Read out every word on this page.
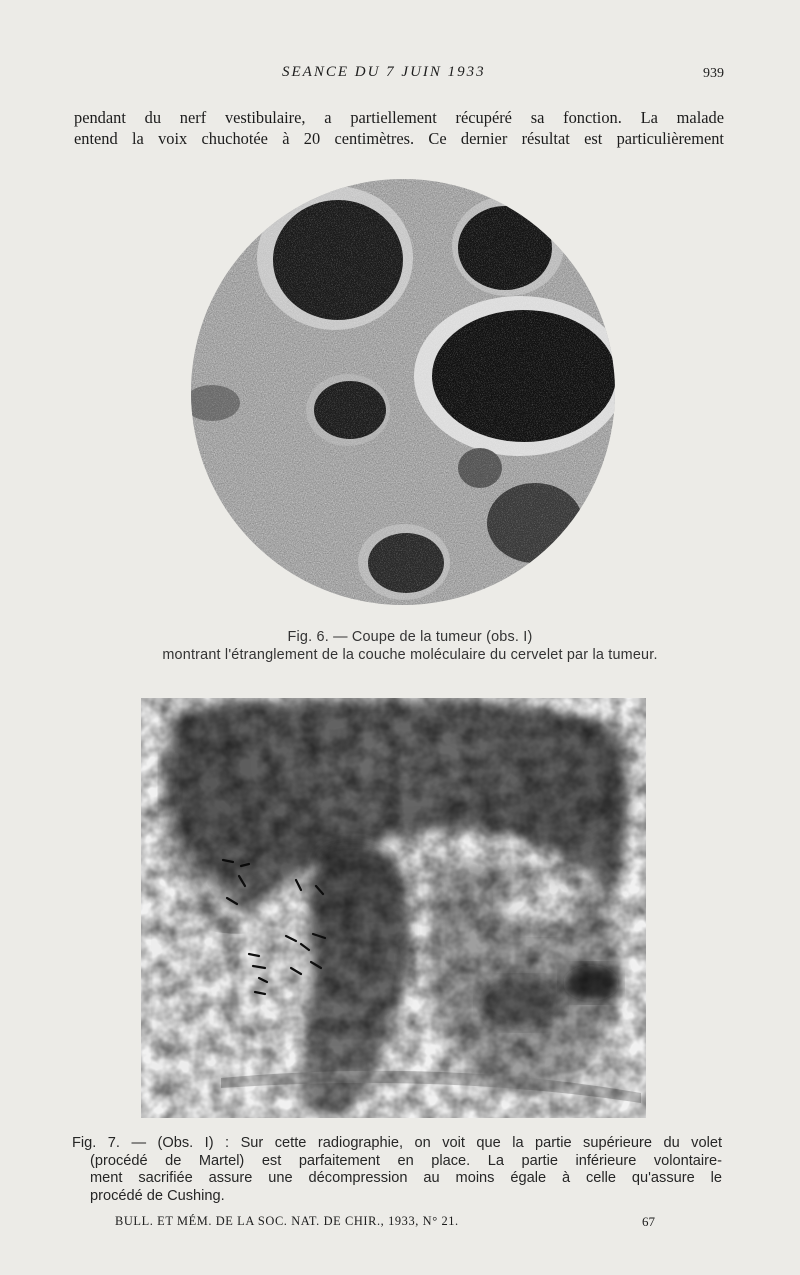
SEANCE DU 7 JUIN 1933	939

pendant du nerf vestibulaire, a partiellement récupéré sa fonction. La malade
entend la voix chuchotée à 20 centimètres. Ce dernier résultat est particulièrement

Fig. 6. — Coupe de la tumeur (obs. I)
montrant l'étranglement de la couche moléculaire du cervelet par la tumeur.
Fig. 7. — (Obs. I) : Sur cette radiographie, on voit que la partie supérieure du volet
(procédé de Martel) est parfaitement en place. La partie inférieure volontaire-
ment sacrifiée assure une décompression au moins égale à celle qu'assure le
procédé de Cushing.
BULL. ET MÉM. DE LA SOC. NAT. DE CHIR., 1933, N° 21.	67
